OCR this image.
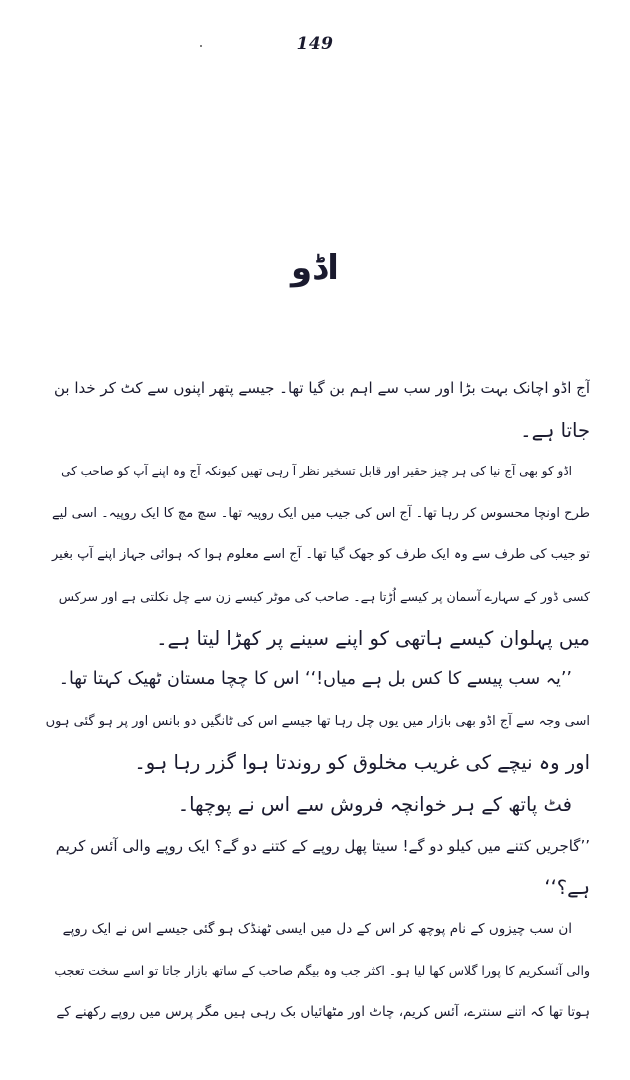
149
اڈو
آج اڈو اچانک بہت بڑا اور سب سے اہم بن گیا تھا۔ جیسے پتھر اپنوں سے کٹ کر خدا بن
جاتا ہے۔
اڈو کو بھی آج نیا کی ہر چیز حقیر اور قابل تسخیر نظر آ رہی تھیں کیونکہ آج وہ اپنے آپ کو صاحب کی
طرح اونچا محسوس کر رہا تھا۔ آج اس کی جیب میں ایک روپیہ تھا۔ سچ مچ کا ایک روپیہ۔ اسی لیے
تو جیب کی طرف سے وہ ایک طرف کو جھک گیا تھا۔ آج اسے معلوم ہوا کہ ہوائی جہاز اپنے آپ بغیر
کسی ڈور کے سہارے آسمان پر کیسے اُڑتا ہے۔ صاحب کی موٹر کیسے زن سے چل نکلتی ہے اور سرکس
میں پہلوان کیسے ہاتھی کو اپنے سینے پر کھڑا لیتا ہے۔
’’یہ سب پیسے کا کس بل ہے میاں!‘‘ اس کا چچا مستان ٹھیک کہتا تھا۔
اسی وجہ سے آج اڈو بھی بازار میں یوں چل رہا تھا جیسے اس کی ٹانگیں دو بانس اور پر ہو گئی ہوں
اور وہ نیچے کی غریب مخلوق کو روندتا ہوا گزر رہا ہو۔
فٹ پاتھ کے ہر خوانچہ فروش سے اس نے پوچھا۔
’’گاجریں کتنے میں کیلو دو گے! سیتا پھل روپے کے کتنے دو گے؟ ایک روپے والی آئس کریم
ہے؟‘‘
ان سب چیزوں کے نام پوچھ کر اس کے دل میں ایسی ٹھنڈک ہو گئی جیسے اس نے ایک روپے
والی آئسکریم کا پورا گلاس کھا لیا ہو۔ اکثر جب وہ بیگم صاحب کے ساتھ بازار جاتا تو اسے سخت تعجب
ہوتا تھا کہ اتنے سنترے، آئس کریم، چاٹ اور مٹھائیاں بک رہی ہیں مگر پرس میں روپے رکھنے کے
